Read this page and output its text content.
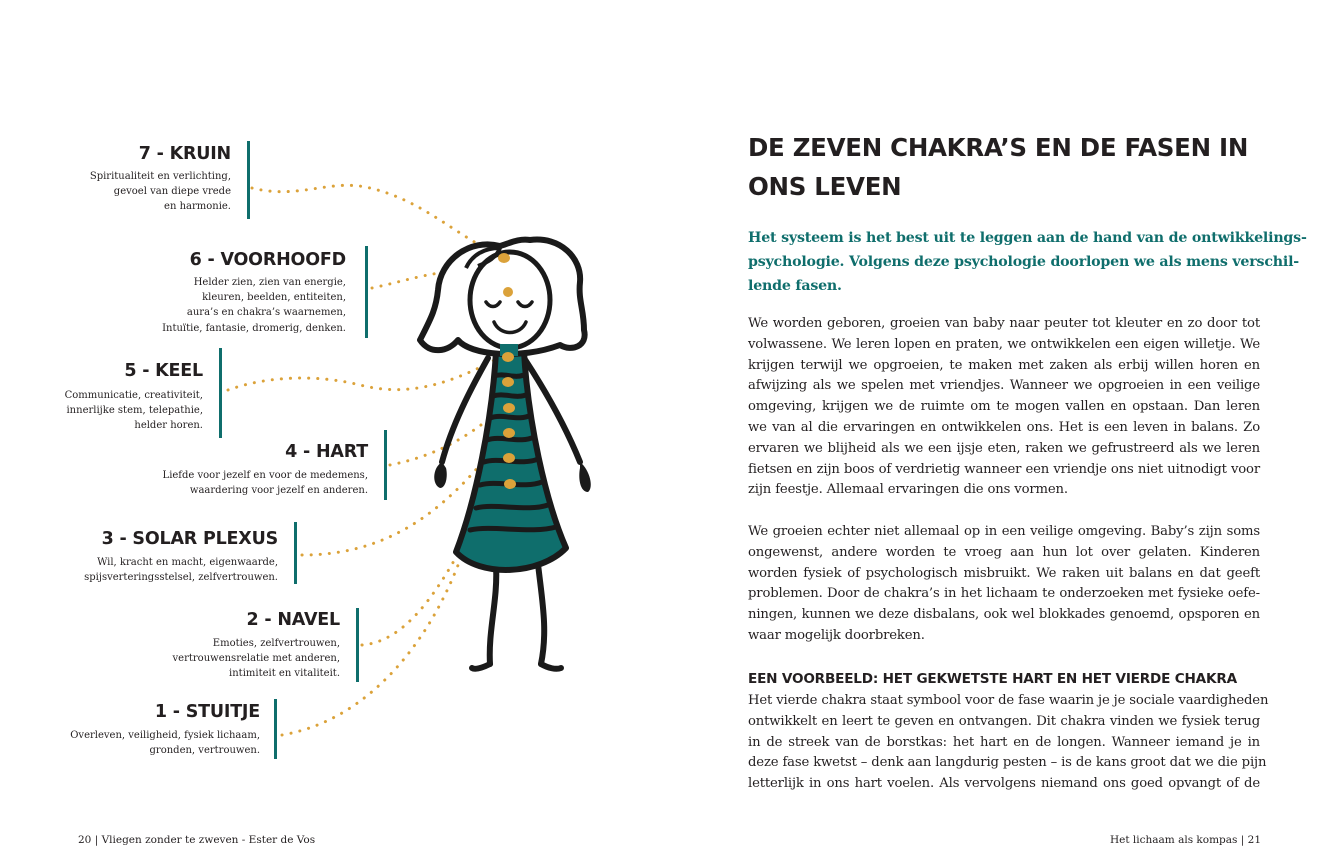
7 - KRUIN
Spiritualiteit en verlichting,
gevoel van diepe vrede
en harmonie.
6 - VOORHOOFD
Helder zien, zien van energie,
kleuren, beelden, entiteiten,
aura’s en chakra’s waarnemen,
Intuïtie, fantasie, dromerig, denken.
5 - KEEL
Communicatie, creativiteit,
innerlijke stem, telepathie,
helder horen.
4 - HART
Liefde voor jezelf en voor de medemens,
waardering voor jezelf en anderen.
3 - SOLAR PLEXUS
Wil, kracht en macht, eigenwaarde,
spijsverteringsstelsel, zelfvertrouwen.
2 - NAVEL
Emoties, zelfvertrouwen,
vertrouwensrelatie met anderen,
intimiteit en vitaliteit.
1 - STUITJE
Overleven, veiligheid, fysiek lichaam,
gronden, vertrouwen.
DE ZEVEN CHAKRA’S EN DE FASEN IN
ONS LEVEN
Het systeem is het best uit te leggen aan de hand van de ontwikkelings-
psychologie. Volgens deze psychologie doorlopen we als mens verschil-
lende fasen.
We worden geboren, groeien van baby naar peuter tot kleuter en zo door tot
volwassene. We leren lopen en praten, we ontwikkelen een eigen willetje. We
krijgen terwijl we opgroeien, te maken met zaken als erbij willen horen en
afwijzing als we spelen met vriendjes. Wanneer we opgroeien in een veilige
omgeving, krijgen we de ruimte om te mogen vallen en opstaan. Dan leren
we van al die ervaringen en ontwikkelen ons. Het is een leven in balans. Zo
ervaren we blijheid als we een ijsje eten, raken we gefrustreerd als we leren
fietsen en zijn boos of verdrietig wanneer een vriendje ons niet uitnodigt voor
zijn feestje. Allemaal ervaringen die ons vormen.
We groeien echter niet allemaal op in een veilige omgeving. Baby’s zijn soms
ongewenst, andere worden te vroeg aan hun lot over gelaten. Kinderen
worden fysiek of psychologisch misbruikt. We raken uit balans en dat geeft
problemen. Door de chakra’s in het lichaam te onderzoeken met fysieke oefe-
ningen, kunnen we deze disbalans, ook wel blokkades genoemd, opsporen en
waar mogelijk doorbreken.
EEN VOORBEELD: HET GEKWETSTE HART EN HET VIERDE CHAKRA
Het vierde chakra staat symbool voor de fase waarin je je sociale vaardigheden
ontwikkelt en leert te geven en ontvangen. Dit chakra vinden we fysiek terug
in de streek van de borstkas: het hart en de longen. Wanneer iemand je in
deze fase kwetst – denk aan langdurig pesten – is de kans groot dat we die pijn
letterlijk in ons hart voelen. Als vervolgens niemand ons goed opvangt of de
20 | Vliegen zonder te zweven - Ester de Vos	Het lichaam als kompas | 21
